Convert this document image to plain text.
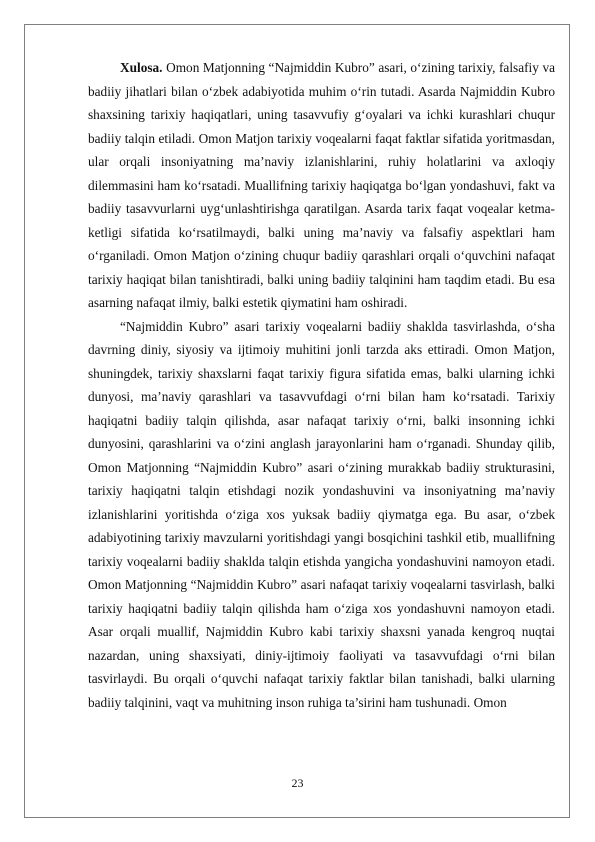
Xulosa. Omon Matjonning “Najmiddin Kubro” asari, o‘zining tarixiy, falsafiy va badiiy jihatlari bilan o‘zbek adabiyotida muhim o‘rin tutadi. Asarda Najmiddin Kubro shaxsining tarixiy haqiqatlari, uning tasavvufiy g‘oyalari va ichki kurashlari chuqur badiiy talqin etiladi. Omon Matjon tarixiy voqealarni faqat faktlar sifatida yoritmasdan, ular orqali insoniyatning ma’naviy izlanishlarini, ruhiy holatlarini va axloqiy dilemmasini ham ko‘rsatadi. Muallifning tarixiy haqiqatga bo‘lgan yondashuvi, fakt va badiiy tasavvurlarni uyg‘unlashtirishga qaratilgan. Asarda tarix faqat voqealar ketma-ketligi sifatida ko‘rsatilmaydi, balki uning ma’naviy va falsafiy aspektlari ham o‘rganiladi. Omon Matjon o‘zining chuqur badiiy qarashlari orqali o‘quvchini nafaqat tarixiy haqiqat bilan tanishtiradi, balki uning badiiy talqinini ham taqdim etadi. Bu esa asarning nafaqat ilmiy, balki estetik qiymatini ham oshiradi.

“Najmiddin Kubro” asari tarixiy voqealarni badiiy shaklda tasvirlashda, o‘sha davrning diniy, siyosiy va ijtimoiy muhitini jonli tarzda aks ettiradi. Omon Matjon, shuningdek, tarixiy shaxslarni faqat tarixiy figura sifatida emas, balki ularning ichki dunyosi, ma’naviy qarashlari va tasavvufdagi o‘rni bilan ham ko‘rsatadi. Tarixiy haqiqatni badiiy talqin qilishda, asar nafaqat tarixiy o‘rni, balki insonning ichki dunyosini, qarashlarini va o‘zini anglash jarayonlarini ham o‘rganadi. Shunday qilib, Omon Matjonning “Najmiddin Kubro” asari o‘zining murakkab badiiy strukturasini, tarixiy haqiqatni talqin etishdagi nozik yondashuvini va insoniyatning ma’naviy izlanishlarini yoritishda o‘ziga xos yuksak badiiy qiymatga ega. Bu asar, o‘zbek adabiyotining tarixiy mavzularni yoritishdagi yangi bosqichini tashkil etib, muallifning tarixiy voqealarni badiiy shaklda talqin etishda yangicha yondashuvini namoyon etadi. Omon Matjonning “Najmiddin Kubro” asari nafaqat tarixiy voqealarni tasvirlash, balki tarixiy haqiqatni badiiy talqin qilishda ham o‘ziga xos yondashuvni namoyon etadi. Asar orqali muallif, Najmiddin Kubro kabi tarixiy shaxsni yanada kengroq nuqtai nazardan, uning shaxsiyati, diniy-ijtimoiy faoliyati va tasavvufdagi o‘rni bilan tasvirlaydi. Bu orqali o‘quvchi nafaqat tarixiy faktlar bilan tanishadi, balki ularning badiiy talqinini, vaqt va muhitning inson ruhiga ta’sirini ham tushunadi. Omon

23
